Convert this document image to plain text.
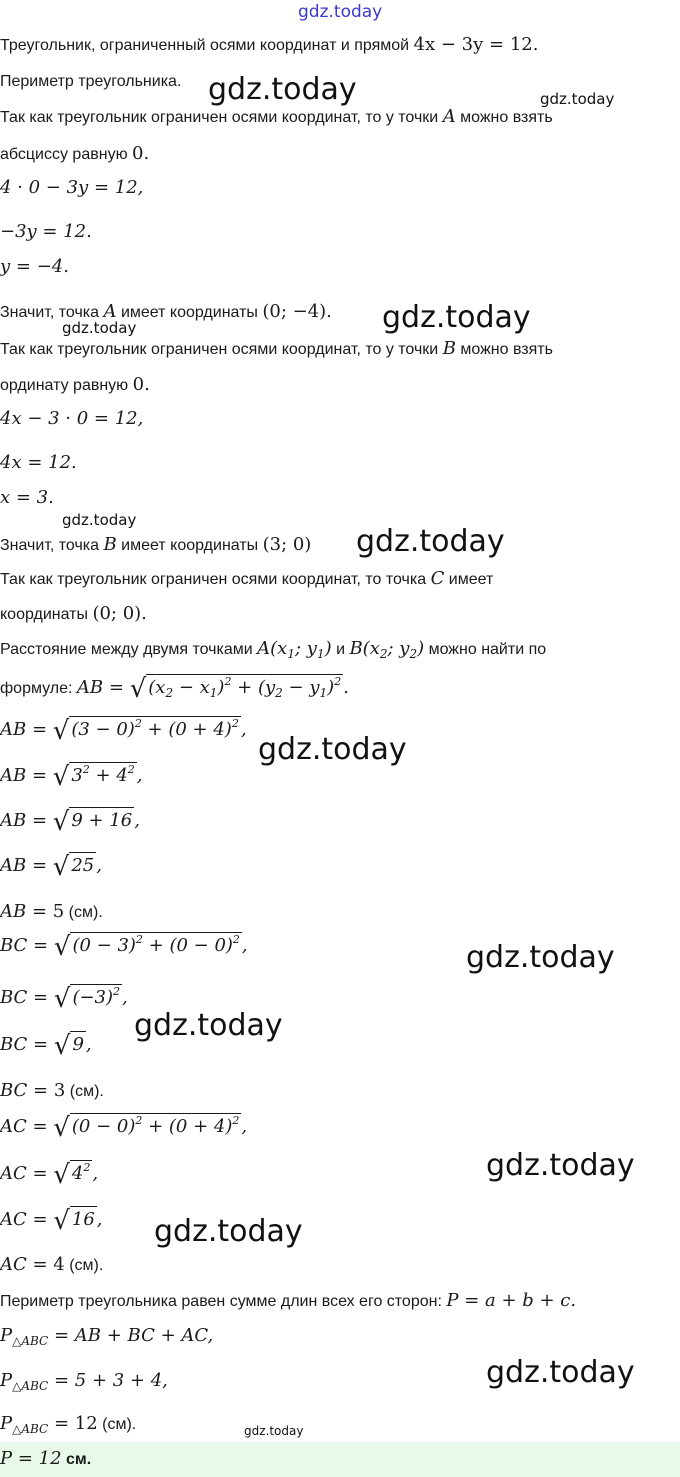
gdz.today
Треугольник, ограниченный осями координат и прямой 4x − 3y = 12.
Периметр треугольника. gdz.today	gdz.today
Так как треугольник ограничен осями координат, то у точки A можно взять
абсциссу равную 0.
4 · 0 − 3y = 12,
−3y = 12.
y = −4.
Значит, точка A имеет координаты (0; −4). gdz.today
gdz.today
Так как треугольник ограничен осями координат, то у точки B можно взять
ординату равную 0.
4x − 3 · 0 = 12,
4x = 12.
x = 3.
gdz.today
Значит, точка B имеет координаты (3; 0) gdz.today
Так как треугольник ограничен осями координат, то точка C имеет
координаты (0; 0).
Расстояние между двумя точками $A(x_1$; $y_1$) и $B(x_2$; $y_2$) можно найти по
формуле: AB = √ $(x_2 - x_1)^2 + (y_2 - y_1)^2$ .
AB = √ $(3 - 0)^2 + (0 + 4)^2$ ,
gdz.today
AB = √ $3^2 + 4^2$ ,
AB = √ 9 + 16 ,
AB = √ 25 ,
AB = 5 (см).
BC = √ $(0 - 3)^2 + (0 - 0)^2$ ,	gdz.today
BC = √ $(-3)^2$ ,
gdz.today
BC = √ 9 ,
BC = 3 (см).
AC = √ $(0 - 0)^2 + (0 + 4)^2$ ,
AC = √ $4^2$ ,	gdz.today
AC = √ 16 , gdz.today
AC = 4 (см).
Периметр треугольника равен сумме длин всех его сторон: P = a + b + c.
$P_{\triangle ABC}$ = AB + BC + AC,
$P_{\triangle ABC} = 5 + 3 + 4$,	gdz.today
$P_{\triangle ABC} = 12$ (см).	gdz.today
P = 12 см.
